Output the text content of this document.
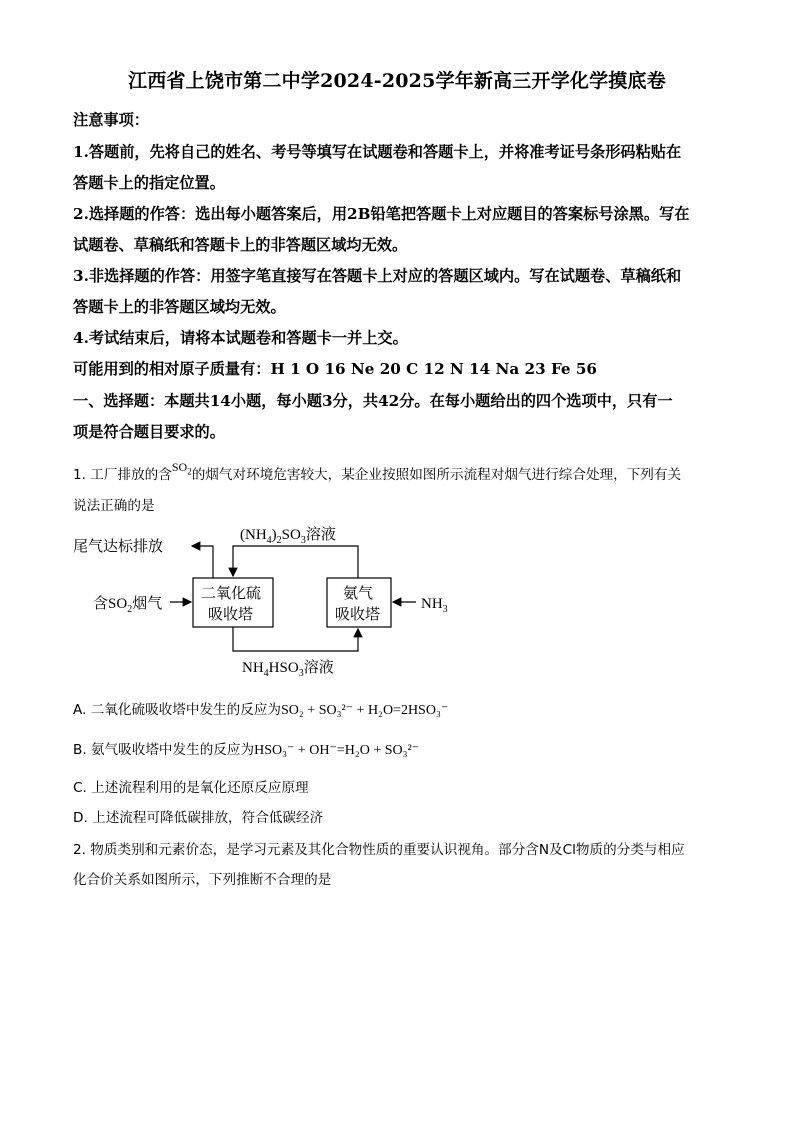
江西省上饶市第二中学2024-2025学年新高三开学化学摸底卷
注意事项：
1.答题前，先将自己的姓名、考号等填写在试题卷和答题卡上，并将准考证号条形码粘贴在
答题卡上的指定位置。
2.选择题的作答：选出每小题答案后，用2B铅笔把答题卡上对应题目的答案标号涂黑。写在
试题卷、草稿纸和答题卡上的非答题区域均无效。
3.非选择题的作答：用签字笔直接写在答题卡上对应的答题区域内。写在试题卷、草稿纸和
答题卡上的非答题区域均无效。
4.考试结束后，请将本试题卷和答题卡一并上交。
可能用到的相对原子质量有：H 1 O 16 Ne 20 C 12 N 14 Na 23 Fe 56
一、选择题：本题共14小题，每小题3分，共42分。在每小题给出的四个选项中，只有一
项是符合题目要求的。
1. 工厂排放的含$SO_2$的烟气对环境危害较大，某企业按照如图所示流程对烟气进行综合处理，下列有关
说法正确的是
尾气达标排放
$(NH_4)_2SO_3$溶液
含$SO_2$烟气
二氧化硫
吸收塔
氨气
吸收塔
$NH_3$
$NH_4HSO_3$溶液
A. 二氧化硫吸收塔中发生的反应为SO₂ + SO₃²⁻ + H₂O=2HSO₃⁻
B. 氨气吸收塔中发生的反应为HSO₃⁻ + OH⁻=H₂O + SO₃²⁻
C. 上述流程利用的是氧化还原反应原理
D. 上述流程可降低碳排放，符合低碳经济
2. 物质类别和元素价态，是学习元素及其化合物性质的重要认识视角。部分含N及Cl物质的分类与相应
化合价关系如图所示，下列推断不合理的是
